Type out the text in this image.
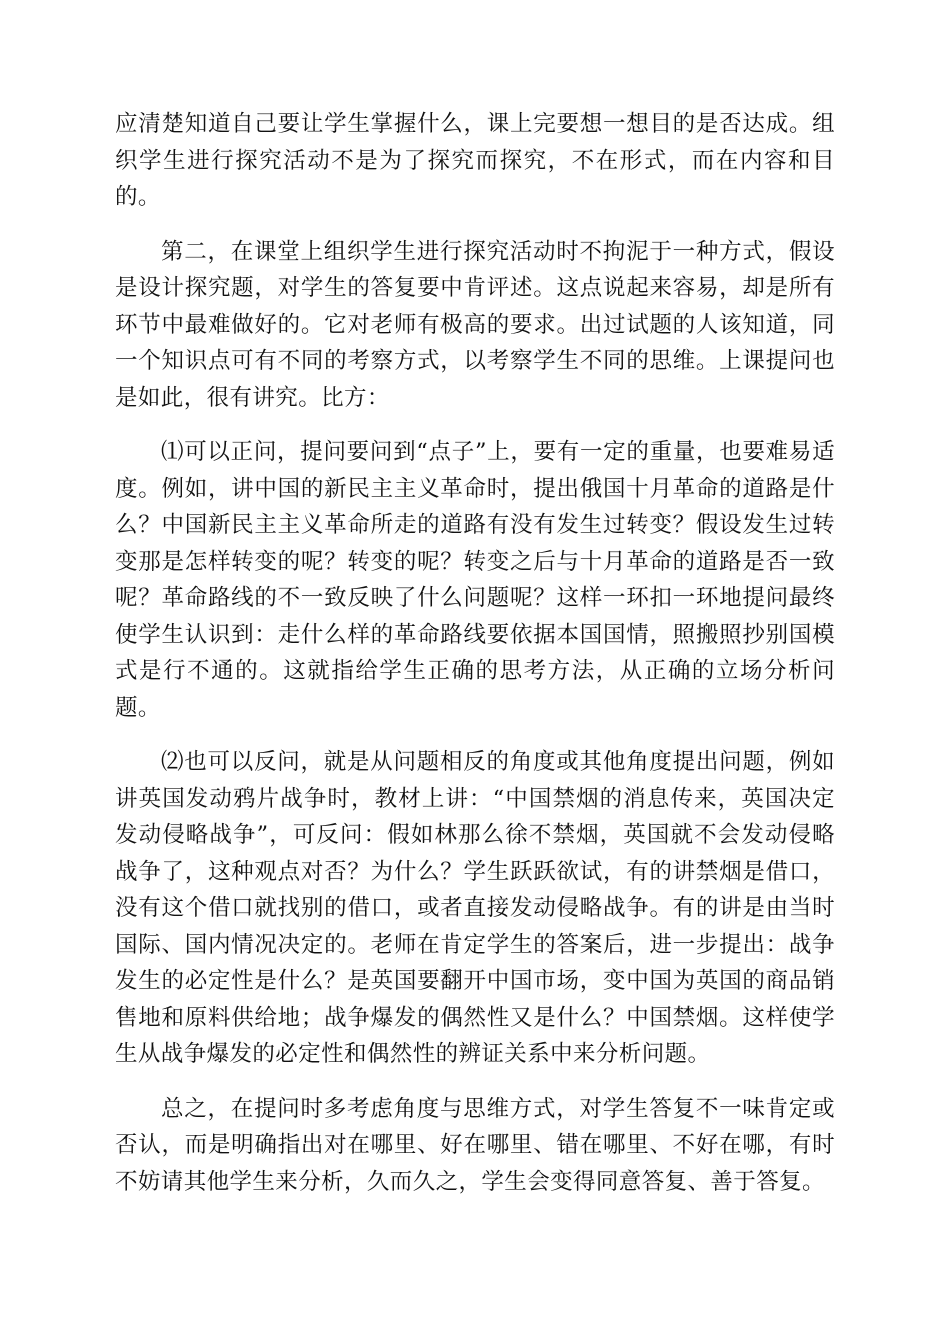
应清楚知道自己要让学生掌握什么，课上完要想一想目的是否达成。组织学生进行探究活动不是为了探究而探究，不在形式，而在内容和目的。

第二，在课堂上组织学生进行探究活动时不拘泥于一种方式，假设是设计探究题，对学生的答复要中肯评述。这点说起来容易，却是所有环节中最难做好的。它对老师有极高的要求。出过试题的人该知道，同一个知识点可有不同的考察方式，以考察学生不同的思维。上课提问也是如此，很有讲究。比方：

⑴可以正问，提问要问到“点子”上，要有一定的重量，也要难易适度。例如，讲中国的新民主主义革命时，提出俄国十月革命的道路是什么？中国新民主主义革命所走的道路有没有发生过转变？假设发生过转变那是怎样转变的呢？转变的呢？转变之后与十月革命的道路是否一致呢？革命路线的不一致反映了什么问题呢？这样一环扣一环地提问最终使学生认识到：走什么样的革命路线要依据本国国情，照搬照抄别国模式是行不通的。这就指给学生正确的思考方法，从正确的立场分析问题。

⑵也可以反问，就是从问题相反的角度或其他角度提出问题，例如讲英国发动鸦片战争时，教材上讲：“中国禁烟的消息传来，英国决定发动侵略战争”，可反问：假如林那么徐不禁烟，英国就不会发动侵略战争了，这种观点对否？为什么？学生跃跃欲试，有的讲禁烟是借口，没有这个借口就找别的借口，或者直接发动侵略战争。有的讲是由当时国际、国内情况决定的。老师在肯定学生的答案后，进一步提出：战争发生的必定性是什么？是英国要翻开中国市场，变中国为英国的商品销售地和原料供给地；战争爆发的偶然性又是什么？中国禁烟。这样使学生从战争爆发的必定性和偶然性的辨证关系中来分析问题。

总之，在提问时多考虑角度与思维方式，对学生答复不一味肯定或否认，而是明确指出对在哪里、好在哪里、错在哪里、不好在哪，有时不妨请其他学生来分析，久而久之，学生会变得同意答复、善于答复。
